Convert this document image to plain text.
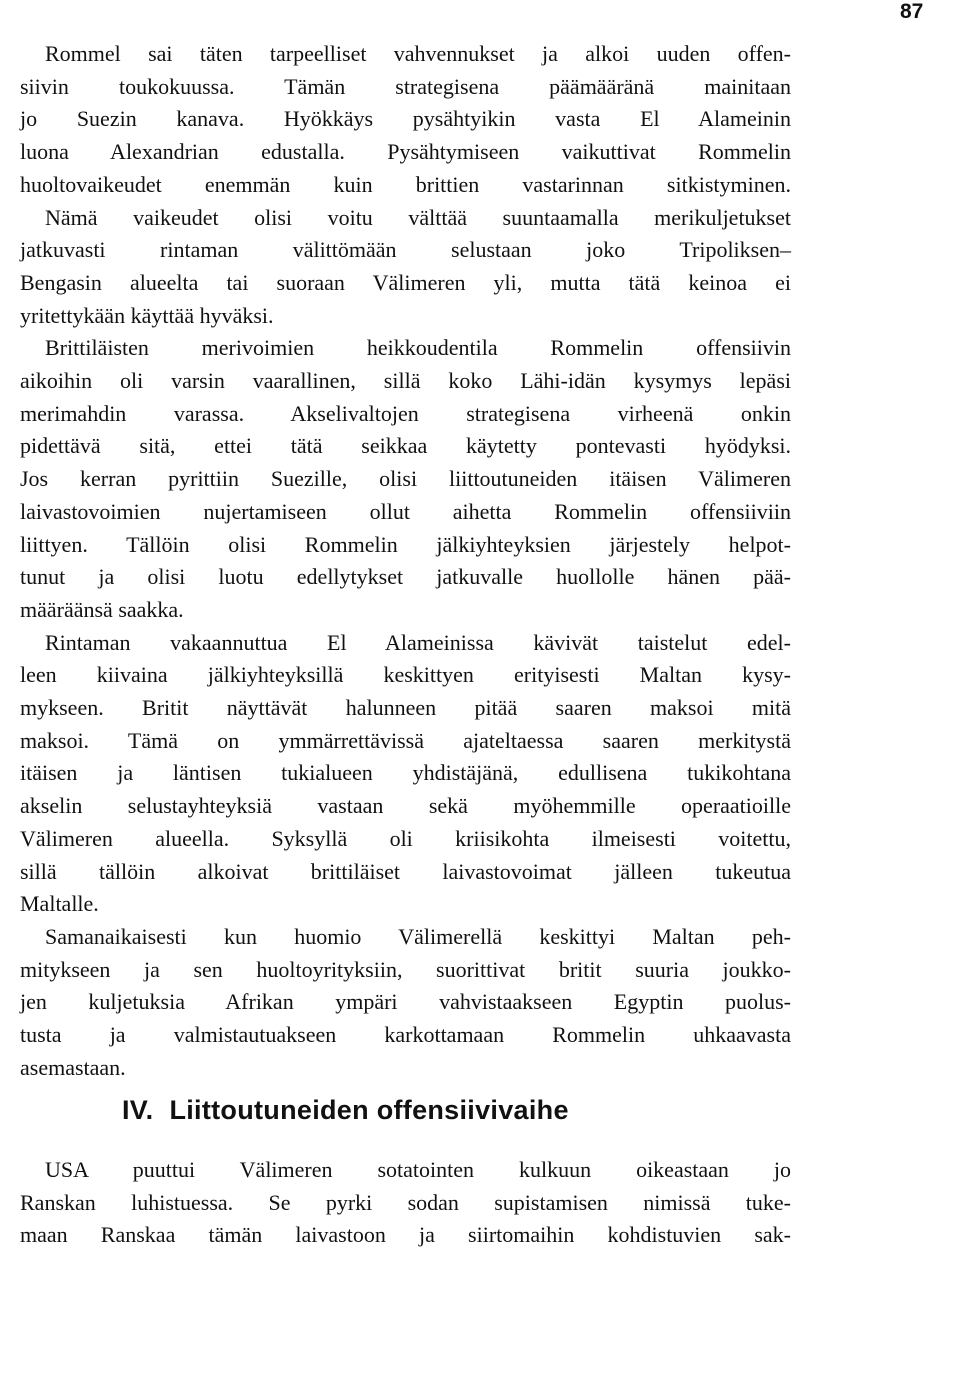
87
Rommel sai täten tarpeelliset vahvennukset ja alkoi uuden offen-
siivin toukokuussa. Tämän strategisena päämääränä mainitaan
jo Suezin kanava. Hyökkäys pysähtyikin vasta El Alameinin
luona Alexandrian edustalla. Pysähtymiseen vaikuttivat Rommelin
huoltovaikeudet enemmän kuin brittien vastarinnan sitkistyminen.
Nämä vaikeudet olisi voitu välttää suuntaamalla merikuljetukset
jatkuvasti rintaman välittömään selustaan joko Tripoliksen–
Bengasin alueelta tai suoraan Välimeren yli, mutta tätä keinoa ei
yritettykään käyttää hyväksi.
Brittiläisten merivoimien heikkoudentila Rommelin offensiivin
aikoihin oli varsin vaarallinen, sillä koko Lähi-idän kysymys lepäsi
merimahdin varassa. Akselivaltojen strategisena virheenä onkin
pidettävä sitä, ettei tätä seikkaa käytetty pontevasti hyödyksi.
Jos kerran pyrittiin Suezille, olisi liittoutuneiden itäisen Välimeren
laivastovoimien nujertamiseen ollut aihetta Rommelin offensiiviin
liittyen. Tällöin olisi Rommelin jälkiyhteyksien järjestely helpot-
tunut ja olisi luotu edellytykset jatkuvalle huollolle hänen pää-
määräänsä saakka.
Rintaman vakaannuttua El Alameinissa kävivät taistelut edel-
leen kiivaina jälkiyhteyksillä keskittyen erityisesti Maltan kysy-
mykseen. Britit näyttävät halunneen pitää saaren maksoi mitä
maksoi. Tämä on ymmärrettävissä ajateltaessa saaren merkitystä
itäisen ja läntisen tukialueen yhdistäjänä, edullisena tukikohtana
akselin selustayhteyksiä vastaan sekä myöhemmille operaatioille
Välimeren alueella. Syksyllä oli kriisikohta ilmeisesti voitettu,
sillä tällöin alkoivat brittiläiset laivastovoimat jälleen tukeutua
Maltalle.
Samanaikaisesti kun huomio Välimerellä keskittyi Maltan peh-
mitykseen ja sen huoltoyrityksiin, suorittivat britit suuria joukko-
jen kuljetuksia Afrikan ympäri vahvistaakseen Egyptin puolus-
tusta ja valmistautuakseen karkottamaan Rommelin uhkaavasta
asemastaan.
IV. Liittoutuneiden offensiivivaihe
USA puuttui Välimeren sotatointen kulkuun oikeastaan jo
Ranskan luhistuessa. Se pyrki sodan supistamisen nimissä tuke-
maan Ranskaa tämän laivastoon ja siirtomaihin kohdistuvien sak-
